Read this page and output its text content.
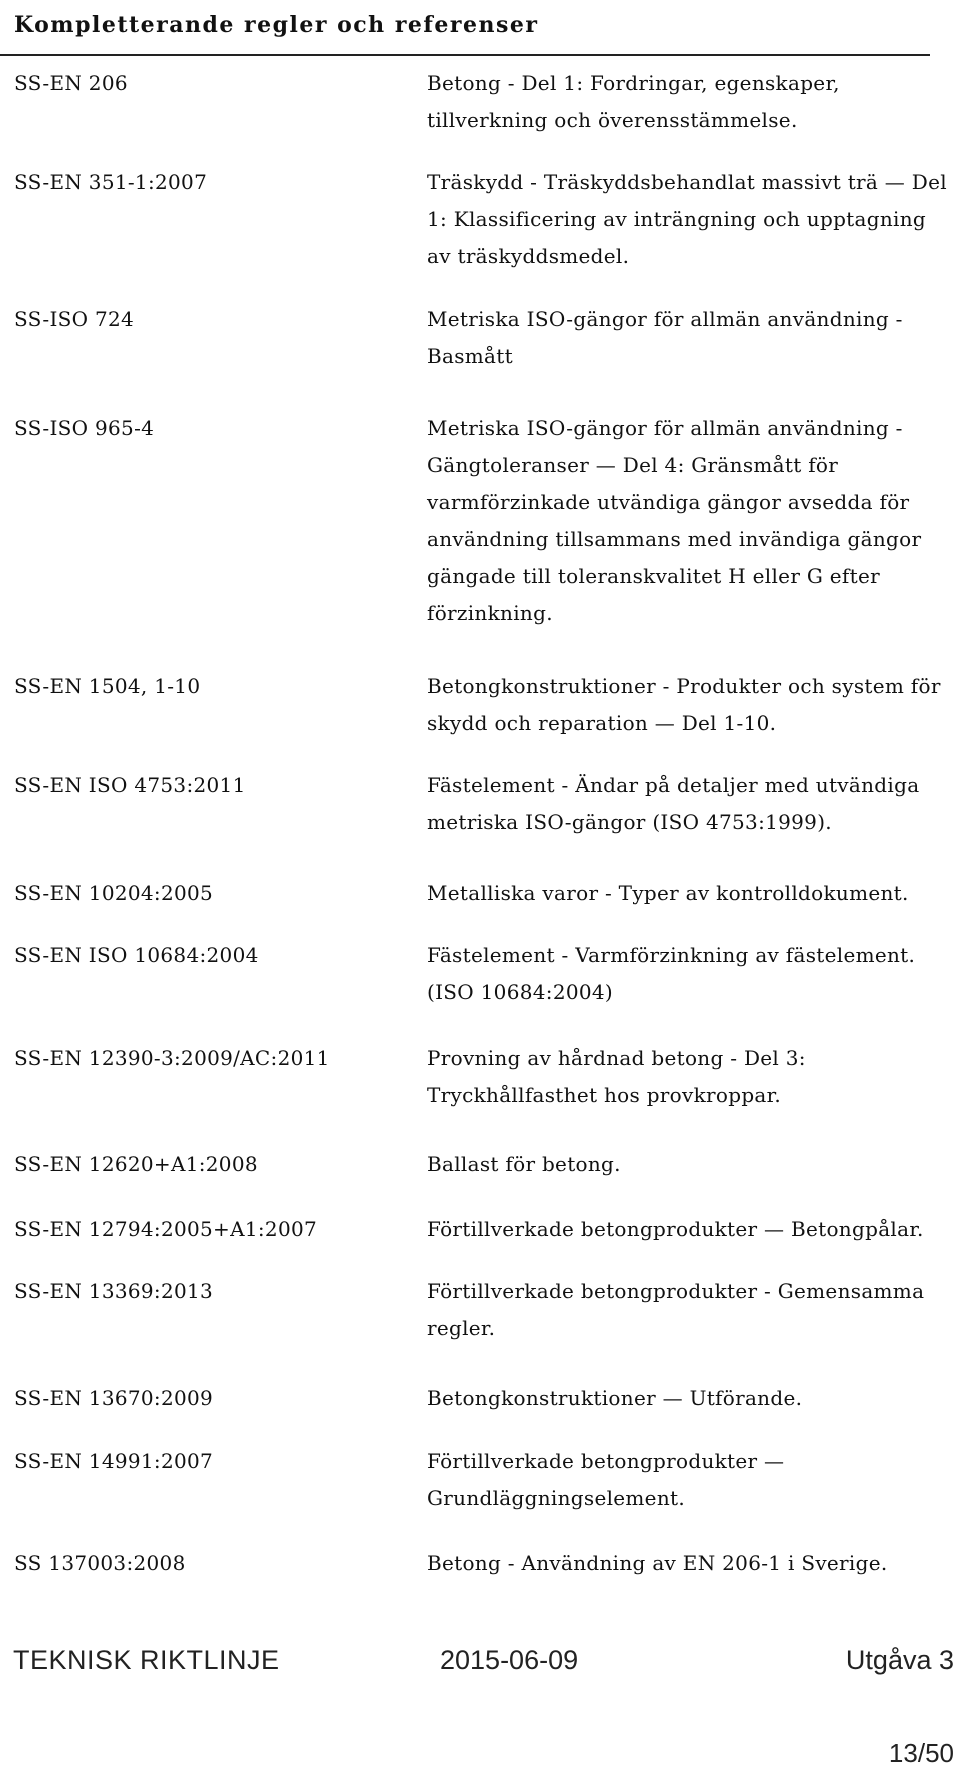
Kompletterande regler och referenser

SS-EN 206	Betong - Del 1: Fordringar, egenskaper, tillverkning och överensstämmelse.

SS-EN 351-1:2007	Träskydd - Träskyddsbehandlat massivt trä — Del 1: Klassificering av inträngning och upptagning av träskyddsmedel.

SS-ISO 724	Metriska ISO-gängor för allmän användning - Basmått

SS-ISO 965-4	Metriska ISO-gängor för allmän användning - Gängtoleranser — Del 4: Gränsmått för varmförzinkade utvändiga gängor avsedda för användning tillsammans med invändiga gängor gängade till toleranskvalitet H eller G efter förzinkning.

SS-EN 1504, 1-10	Betongkonstruktioner - Produkter och system för skydd och reparation — Del 1-10.

SS-EN ISO 4753:2011	Fästelement - Ändar på detaljer med utvändiga metriska ISO-gängor (ISO 4753:1999).

SS-EN 10204:2005	Metalliska varor - Typer av kontrolldokument.

SS-EN ISO 10684:2004	Fästelement - Varmförzinkning av fästelement. (ISO 10684:2004)

SS-EN 12390-3:2009/AC:2011	Provning av hårdnad betong - Del 3: Tryckhållfasthet hos provkroppar.

SS-EN 12620+A1:2008	Ballast för betong.

SS-EN 12794:2005+A1:2007	Förtillverkade betongprodukter — Betongpålar.

SS-EN 13369:2013	Förtillverkade betongprodukter - Gemensamma regler.

SS-EN 13670:2009	Betongkonstruktioner — Utförande.

SS-EN 14991:2007	Förtillverkade betongprodukter — Grundläggningselement.

SS 137003:2008	Betong - Användning av EN 206-1 i Sverige.

TEKNISK RIKTLINJE	2015-06-09	Utgåva 3

13/50
